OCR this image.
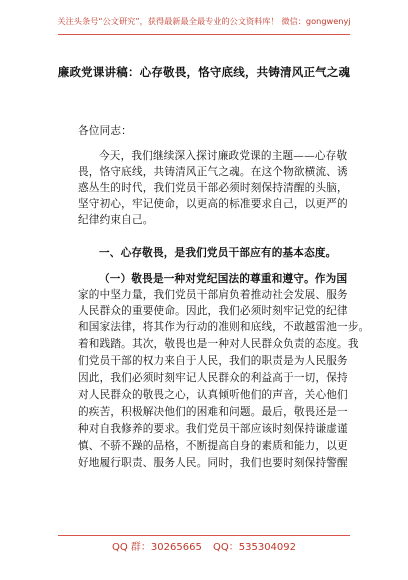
关注头条号“公文研究”，获得最新最全最专业的公文资料库！ 微信：gongwenyj
廉政党课讲稿：心存敬畏，恪守底线，共铸清风正气之魂
各位同志：
今天，我们继续深入探讨廉政党课的主题——心存敬
畏，恪守底线，共铸清风正气之魂。在这个物欲横流、诱
惑丛生的时代，我们党员干部必须时刻保持清醒的头脑，
坚守初心，牢记使命，以更高的标准要求自己，以更严的
纪律约束自己。
一、心存敬畏，是我们党员干部应有的基本态度。
（一）敬畏是一种对党纪国法的尊重和遵守。作为国
家的中坚力量，我们党员干部肩负着推动社会发展、服务
人民群众的重要使命。因此，我们必须时刻牢记党的纪律
和国家法律，将其作为行动的准则和底线，不敢越雷池一步。
着和践踏。其次，敬畏也是一种对人民群众负责的态度。我
们党员干部的权力来自于人民，我们的职责是为人民服务
因此，我们必须时刻牢记人民群众的利益高于一切，保持
对人民群众的敬畏之心，认真倾听他们的声音，关心他们
的疾苦，积极解决他们的困难和问题。最后，敬畏还是一
种对自我修养的要求。我们党员干部应该时刻保持谦虚谨
慎、不骄不躁的品格，不断提高自身的素质和能力，以更
好地履行职责、服务人民。同时，我们也要时刻保持警醒
QQ 群：30265665 QQ：535304092
